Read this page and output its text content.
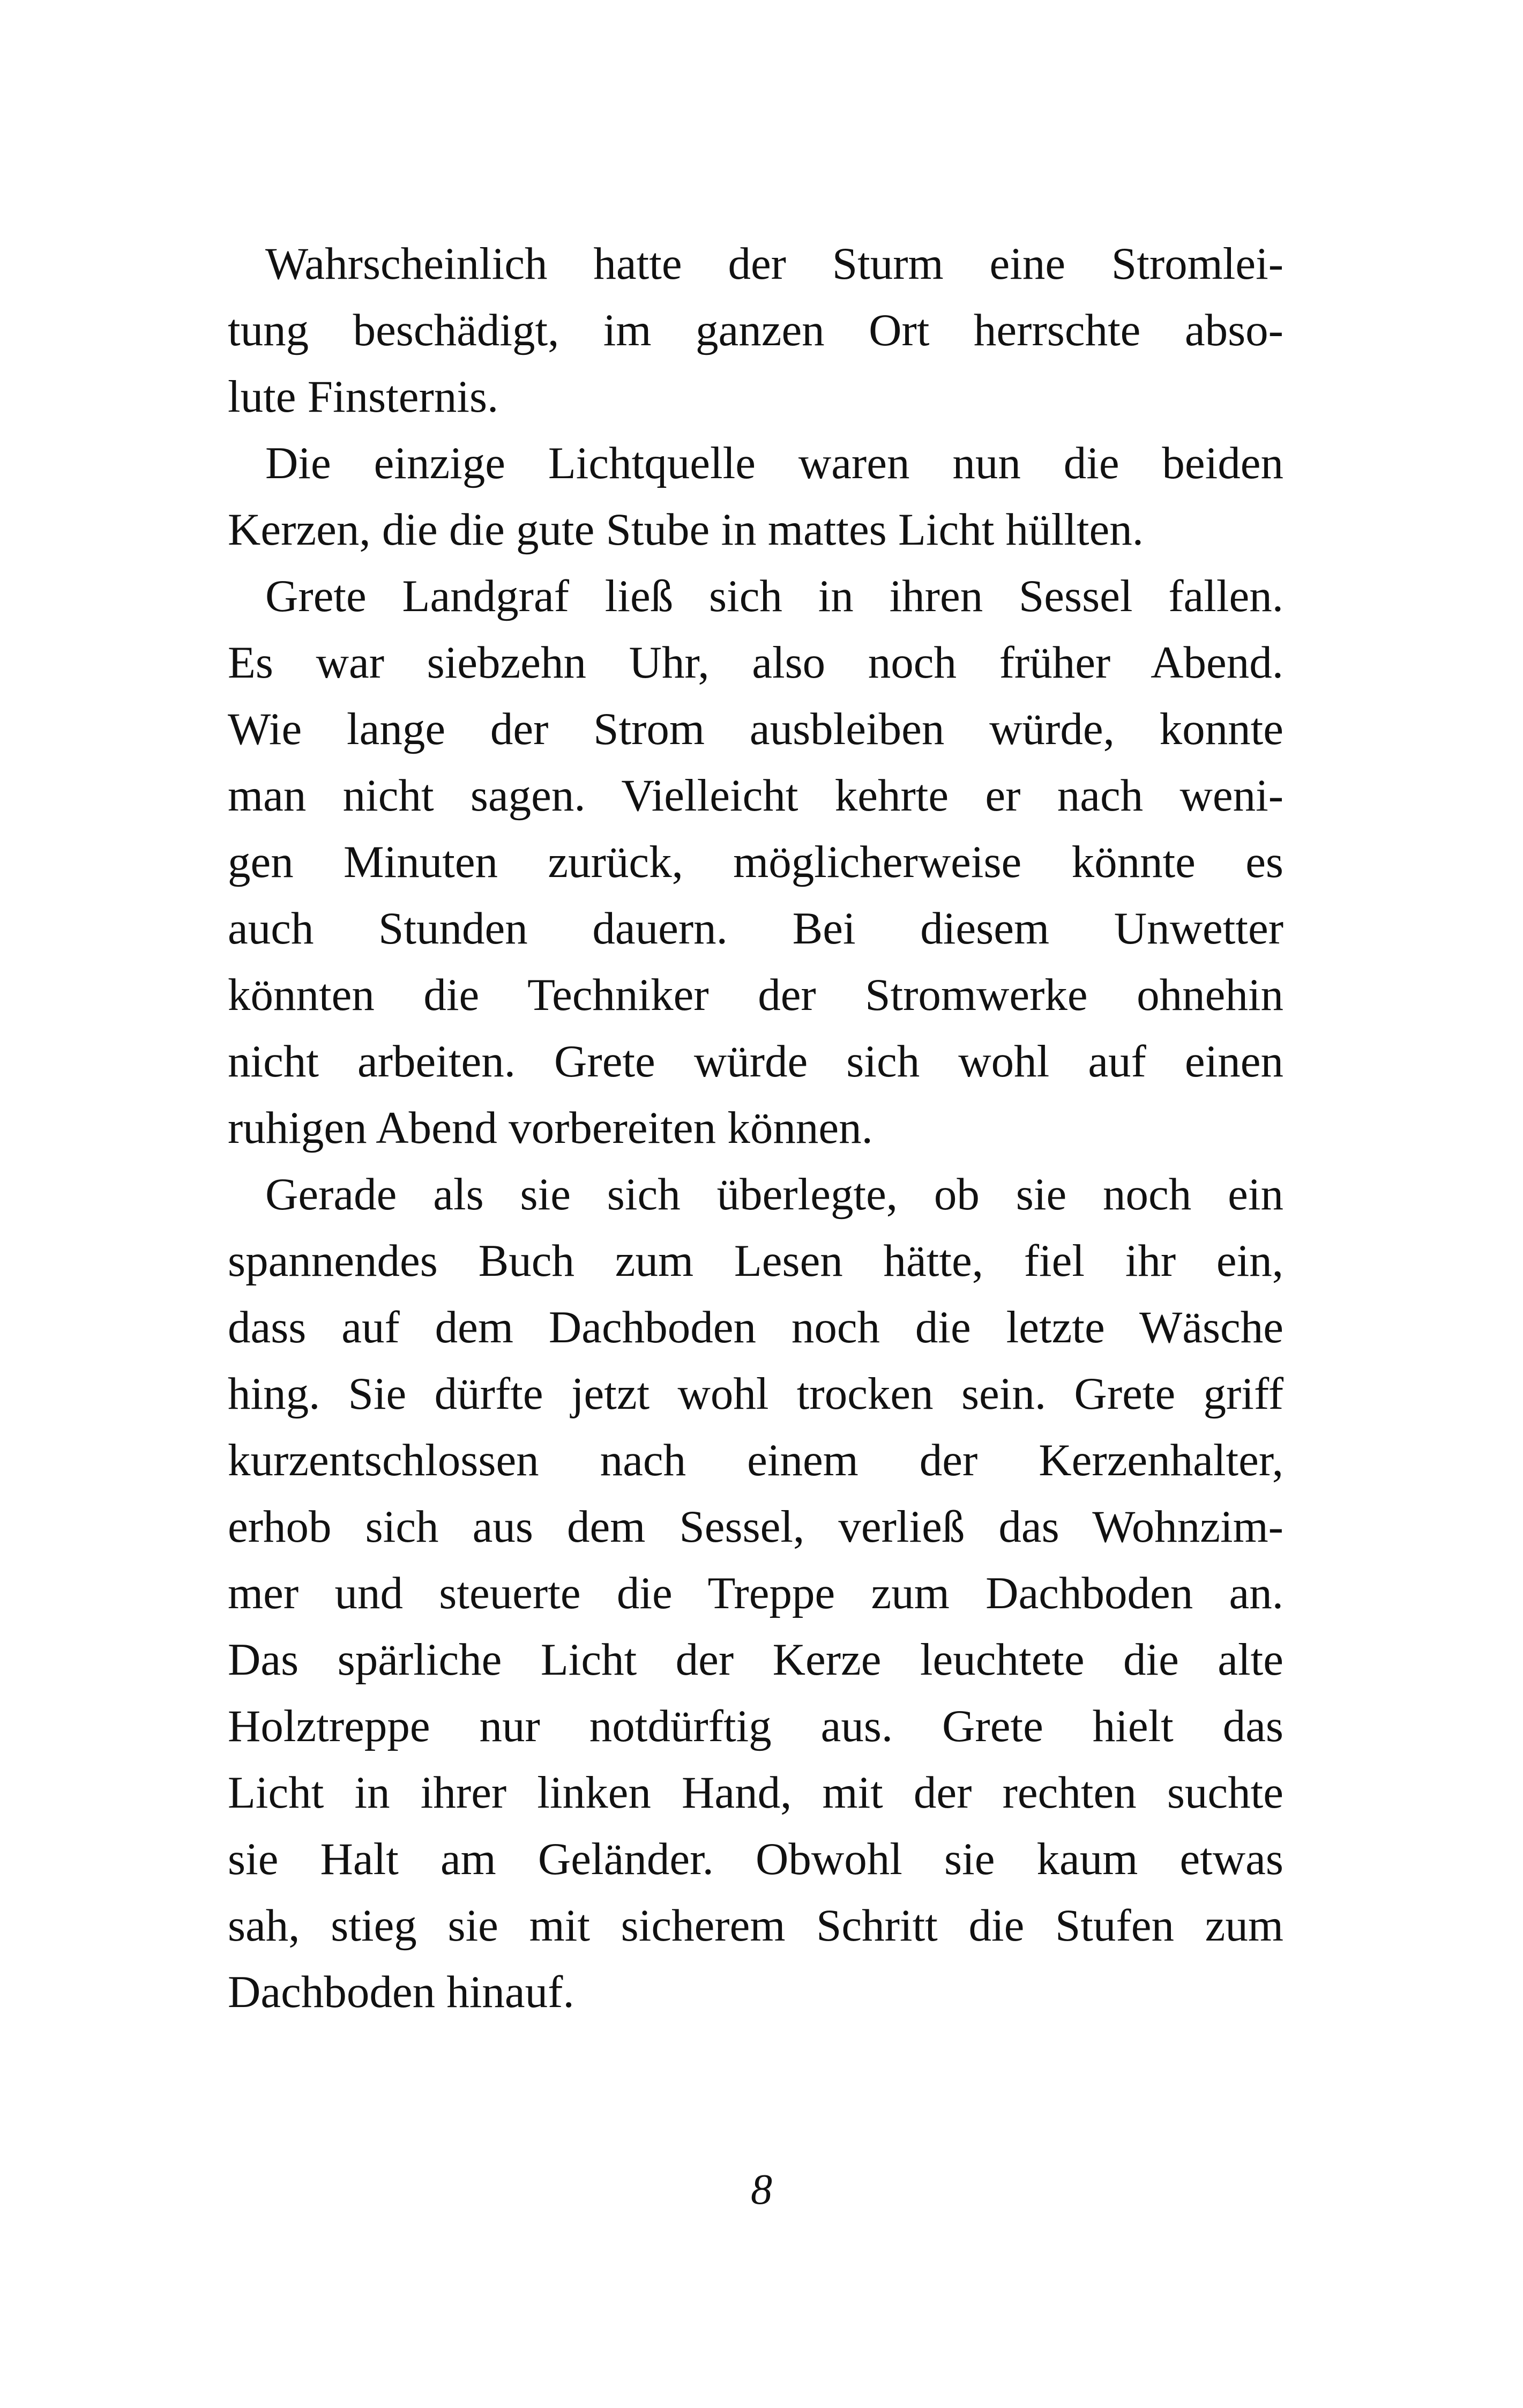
Wahrscheinlich hatte der Sturm eine Stromlei-
tung beschädigt, im ganzen Ort herrschte abso-
lute Finsternis.
Die einzige Lichtquelle waren nun die beiden
Kerzen, die die gute Stube in mattes Licht hüllten.
Grete Landgraf ließ sich in ihren Sessel fallen.
Es war siebzehn Uhr, also noch früher Abend.
Wie lange der Strom ausbleiben würde, konnte
man nicht sagen. Vielleicht kehrte er nach weni-
gen Minuten zurück, möglicherweise könnte es
auch Stunden dauern. Bei diesem Unwetter
könnten die Techniker der Stromwerke ohnehin
nicht arbeiten. Grete würde sich wohl auf einen
ruhigen Abend vorbereiten können.
Gerade als sie sich überlegte, ob sie noch ein
spannendes Buch zum Lesen hätte, fiel ihr ein,
dass auf dem Dachboden noch die letzte Wäsche
hing. Sie dürfte jetzt wohl trocken sein. Grete griff
kurzentschlossen nach einem der Kerzenhalter,
erhob sich aus dem Sessel, verließ das Wohnzim-
mer und steuerte die Treppe zum Dachboden an.
Das spärliche Licht der Kerze leuchtete die alte
Holztreppe nur notdürftig aus. Grete hielt das
Licht in ihrer linken Hand, mit der rechten suchte
sie Halt am Geländer. Obwohl sie kaum etwas
sah, stieg sie mit sicherem Schritt die Stufen zum
Dachboden hinauf.
8
